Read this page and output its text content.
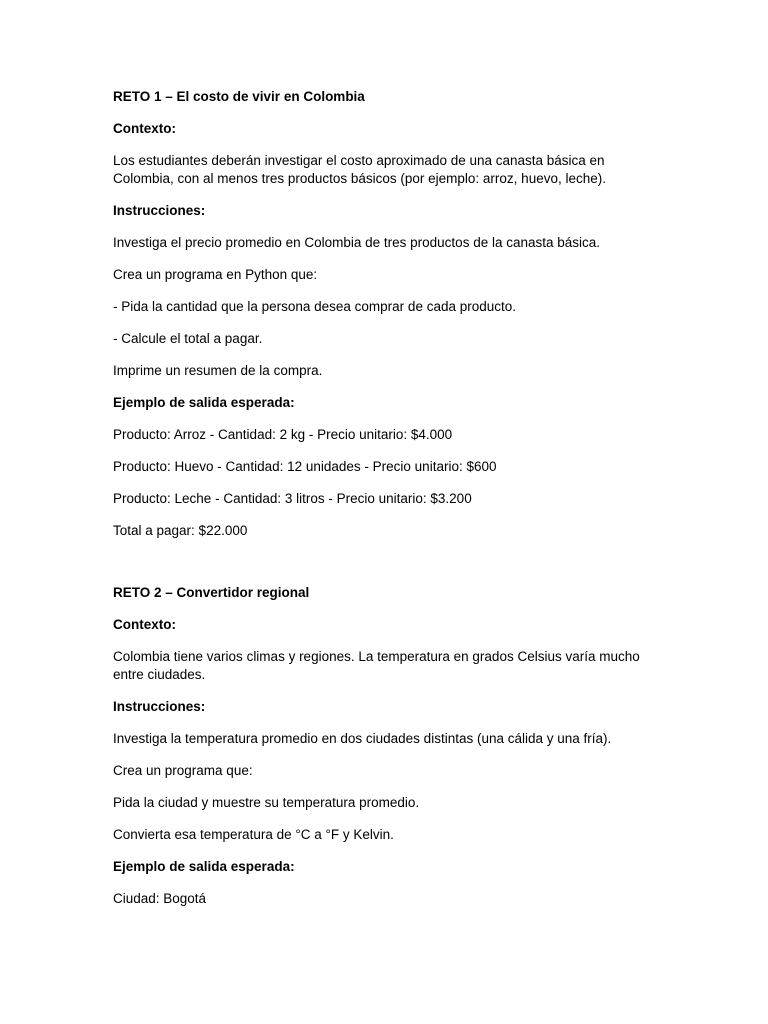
RETO 1 – El costo de vivir en Colombia

Contexto:

Los estudiantes deberán investigar el costo aproximado de una canasta básica en Colombia, con al menos tres productos básicos (por ejemplo: arroz, huevo, leche).

Instrucciones:

Investiga el precio promedio en Colombia de tres productos de la canasta básica.

Crea un programa en Python que:

- Pida la cantidad que la persona desea comprar de cada producto.

- Calcule el total a pagar.

Imprime un resumen de la compra.

Ejemplo de salida esperada:

Producto: Arroz - Cantidad: 2 kg - Precio unitario: $4.000

Producto: Huevo - Cantidad: 12 unidades - Precio unitario: $600

Producto: Leche - Cantidad: 3 litros - Precio unitario: $3.200

Total a pagar: $22.000

RETO 2 – Convertidor regional

Contexto:

Colombia tiene varios climas y regiones. La temperatura en grados Celsius varía mucho entre ciudades.

Instrucciones:

Investiga la temperatura promedio en dos ciudades distintas (una cálida y una fría).

Crea un programa que:

Pida la ciudad y muestre su temperatura promedio.

Convierta esa temperatura de °C a °F y Kelvin.

Ejemplo de salida esperada:

Ciudad: Bogotá
